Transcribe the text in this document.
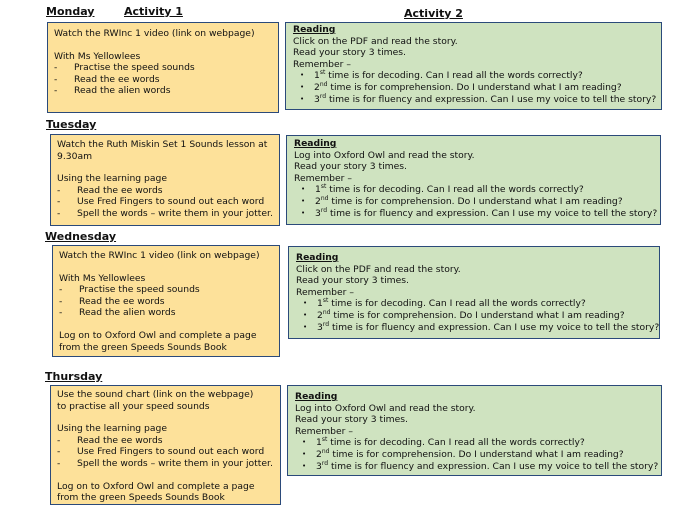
Monday	Activity 1	Activity 2
Watch the RWInc 1 video (link on webpage)
With Ms Yellowlees
-	Practise the speed sounds
-	Read the ee words
-	Read the alien words
Reading
Click on the PDF and read the story.
Read your story 3 times.
Remember –
•	1st time is for decoding. Can I read all the words correctly?
•	2nd time is for comprehension. Do I understand what I am reading?
•	3rd time is for fluency and expression. Can I use my voice to tell the story?
Tuesday
Watch the Ruth Miskin Set 1 Sounds lesson at
9.30am
Using the learning page
-	Read the ee words
-	Use Fred Fingers to sound out each word
-	Spell the words – write them in your jotter.
Reading
Log into Oxford Owl and read the story.
Read your story 3 times.
Remember –
•	1st time is for decoding. Can I read all the words correctly?
•	2nd time is for comprehension. Do I understand what I am reading?
•	3rd time is for fluency and expression. Can I use my voice to tell the story?
Wednesday
Watch the RWInc 1 video (link on webpage)
With Ms Yellowlees
-	Practise the speed sounds
-	Read the ee words
-	Read the alien words
Log on to Oxford Owl and complete a page
from the green Speeds Sounds Book
Reading
Click on the PDF and read the story.
Read your story 3 times.
Remember –
•	1st time is for decoding. Can I read all the words correctly?
•	2nd time is for comprehension. Do I understand what I am reading?
•	3rd time is for fluency and expression. Can I use my voice to tell the story?
Thursday
Use the sound chart (link on the webpage)
to practise all your speed sounds
Using the learning page
-	Read the ee words
-	Use Fred Fingers to sound out each word
-	Spell the words – write them in your jotter.
Log on to Oxford Owl and complete a page
from the green Speeds Sounds Book
Reading
Log into Oxford Owl and read the story.
Read your story 3 times.
Remember –
•	1st time is for decoding. Can I read all the words correctly?
•	2nd time is for comprehension. Do I understand what I am reading?
•	3rd time is for fluency and expression. Can I use my voice to tell the story?
